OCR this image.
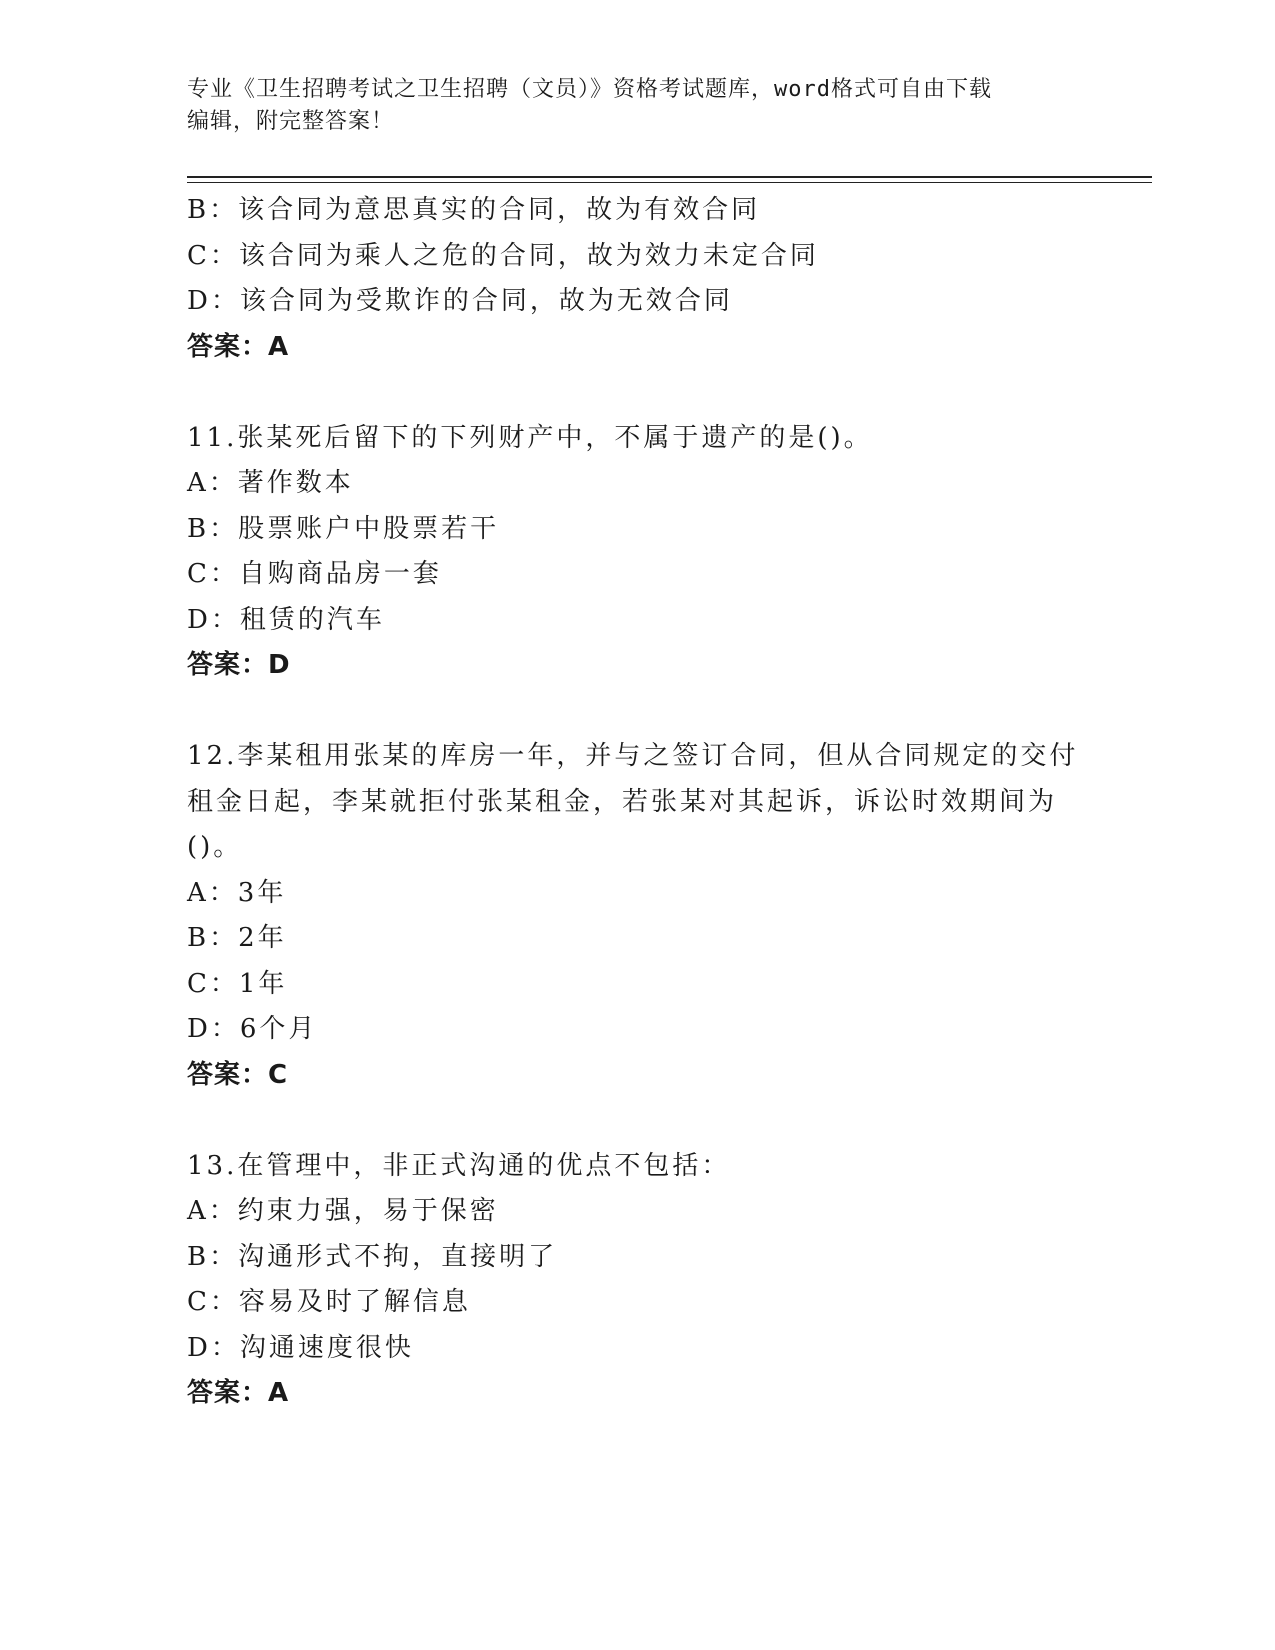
专业《卫生招聘考试之卫生招聘（文员）》资格考试题库，word格式可自由下载
编辑，附完整答案！
B：该合同为意思真实的合同，故为有效合同
C：该合同为乘人之危的合同，故为效力未定合同
D：该合同为受欺诈的合同，故为无效合同
答案：A
11.张某死后留下的下列财产中，不属于遗产的是()。
A：著作数本
B：股票账户中股票若干
C：自购商品房一套
D：租赁的汽车
答案：D
12.李某租用张某的库房一年，并与之签订合同，但从合同规定的交付
租金日起，李某就拒付张某租金，若张某对其起诉，诉讼时效期间为
()。
A：3年
B：2年
C：1年
D：6个月
答案：C
13.在管理中，非正式沟通的优点不包括：
A：约束力强，易于保密
B：沟通形式不拘，直接明了
C：容易及时了解信息
D：沟通速度很快
答案：A
